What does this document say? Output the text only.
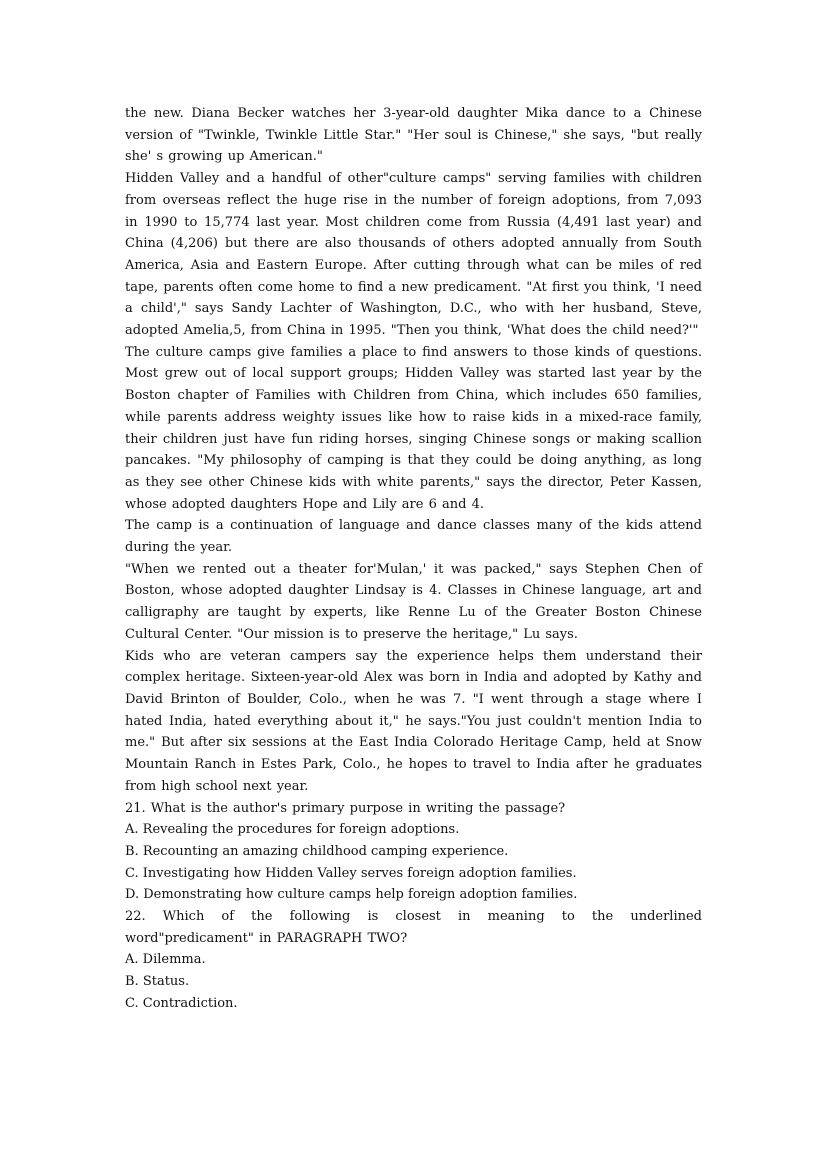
the new. Diana Becker watches her 3-year-old daughter Mika dance to a Chinese version of "Twinkle, Twinkle Little Star." "Her soul is Chinese," she says, "but really she' s growing up American."

Hidden Valley and a handful of other"culture camps" serving families with children from overseas reflect the huge rise in the number of foreign adoptions, from 7,093 in 1990 to 15,774 last year. Most children come from Russia (4,491 last year) and China (4,206) but there are also thousands of others adopted annually from South America, Asia and Eastern Europe. After cutting through what can be miles of red tape, parents often come home to find a new predicament. "At first you think, 'I need a child'," says Sandy Lachter of Washington, D.C., who with her husband, Steve, adopted Amelia,5, from China in 1995. "Then you think, 'What does the child need?'"

The culture camps give families a place to find answers to those kinds of questions. Most grew out of local support groups; Hidden Valley was started last year by the Boston chapter of Families with Children from China, which includes 650 families, while parents address weighty issues like how to raise kids in a mixed-race family, their children just have fun riding horses, singing Chinese songs or making scallion pancakes. "My philosophy of camping is that they could be doing anything, as long as they see other Chinese kids with white parents," says the director, Peter Kassen, whose adopted daughters Hope and Lily are 6 and 4.

The camp is a continuation of language and dance classes many of the kids attend during the year.

"When we rented out a theater for'Mulan,' it was packed," says Stephen Chen of Boston, whose adopted daughter Lindsay is 4. Classes in Chinese language, art and calligraphy are taught by experts, like Renne Lu of the Greater Boston Chinese Cultural Center. "Our mission is to preserve the heritage," Lu says.

Kids who are veteran campers say the experience helps them understand their complex heritage. Sixteen-year-old Alex was born in India and adopted by Kathy and David Brinton of Boulder, Colo., when he was 7. "I went through a stage where I hated India, hated everything about it," he says."You just couldn't mention India to me." But after six sessions at the East India Colorado Heritage Camp, held at Snow Mountain Ranch in Estes Park, Colo., he hopes to travel to India after he graduates from high school next year.

21. What is the author's primary purpose in writing the passage?

A. Revealing the procedures for foreign adoptions.

B. Recounting an amazing childhood camping experience.

C. Investigating how Hidden Valley serves foreign adoption families.

D. Demonstrating how culture camps help foreign adoption families.

22. Which of the following is closest in meaning to the underlined word"predicament" in PARAGRAPH TWO?

A. Dilemma.

B. Status.

C. Contradiction.
